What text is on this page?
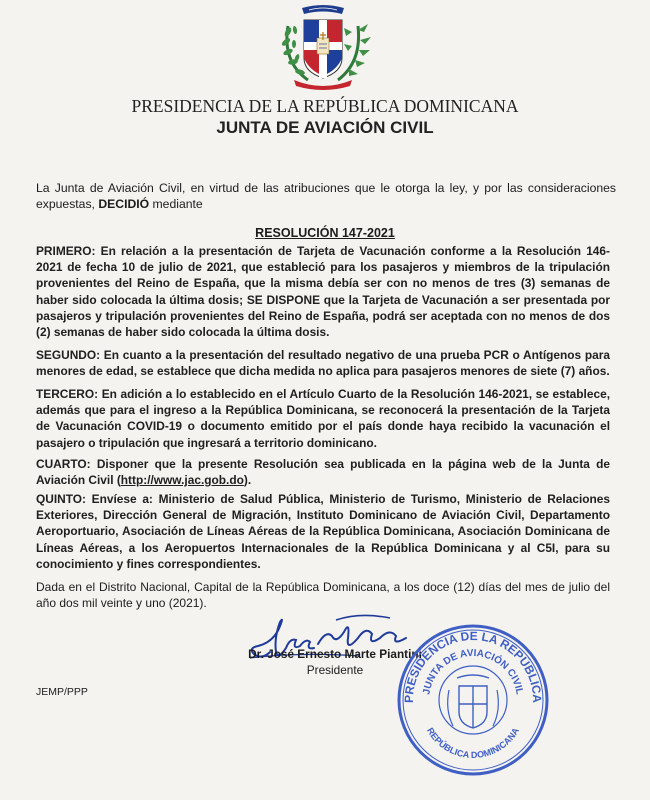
PRESIDENCIA DE LA REPÚBLICA DOMINICANA
JUNTA DE AVIACIÓN CIVIL
La Junta de Aviación Civil, en virtud de las atribuciones que le otorga la ley, y por las consideraciones expuestas, DECIDIÓ mediante
RESOLUCIÓN 147-2021
PRIMERO: En relación a la presentación de Tarjeta de Vacunación conforme a la Resolución 146-2021 de fecha 10 de julio de 2021, que estableció para los pasajeros y miembros de la tripulación provenientes del Reino de España, que la misma debía ser con no menos de tres (3) semanas de haber sido colocada la última dosis; SE DISPONE que la Tarjeta de Vacunación a ser presentada por pasajeros y tripulación provenientes del Reino de España, podrá ser aceptada con no menos de dos (2) semanas de haber sido colocada la última dosis.
SEGUNDO: En cuanto a la presentación del resultado negativo de una prueba PCR o Antígenos para menores de edad, se establece que dicha medida no aplica para pasajeros menores de siete (7) años.
TERCERO: En adición a lo establecido en el Artículo Cuarto de la Resolución 146-2021, se establece, además que para el ingreso a la República Dominicana, se reconocerá la presentación de la Tarjeta de Vacunación COVID-19 o documento emitido por el país donde haya recibido la vacunación el pasajero o tripulación que ingresará a territorio dominicano.
CUARTO: Disponer que la presente Resolución sea publicada en la página web de la Junta de Aviación Civil (http://www.jac.gob.do).
QUINTO: Envíese a: Ministerio de Salud Pública, Ministerio de Turismo, Ministerio de Relaciones Exteriores, Dirección General de Migración, Instituto Dominicano de Aviación Civil, Departamento Aeroportuario, Asociación de Líneas Aéreas de la República Dominicana, Asociación Dominicana de Líneas Aéreas, a los Aeropuertos Internacionales de la República Dominicana y al C5I, para su conocimiento y fines correspondientes.
Dada en el Distrito Nacional, Capital de la República Dominicana, a los doce (12) días del mes de julio del año dos mil veinte y uno (2021).
Dr. José Ernesto Marte Piantini
Presidente
JEMP/PPP
PRESIDENCIA DE LA REPÚBLICA
JUNTA DE AVIACIÓN CIVIL
REPÚBLICA DOMINICANA
